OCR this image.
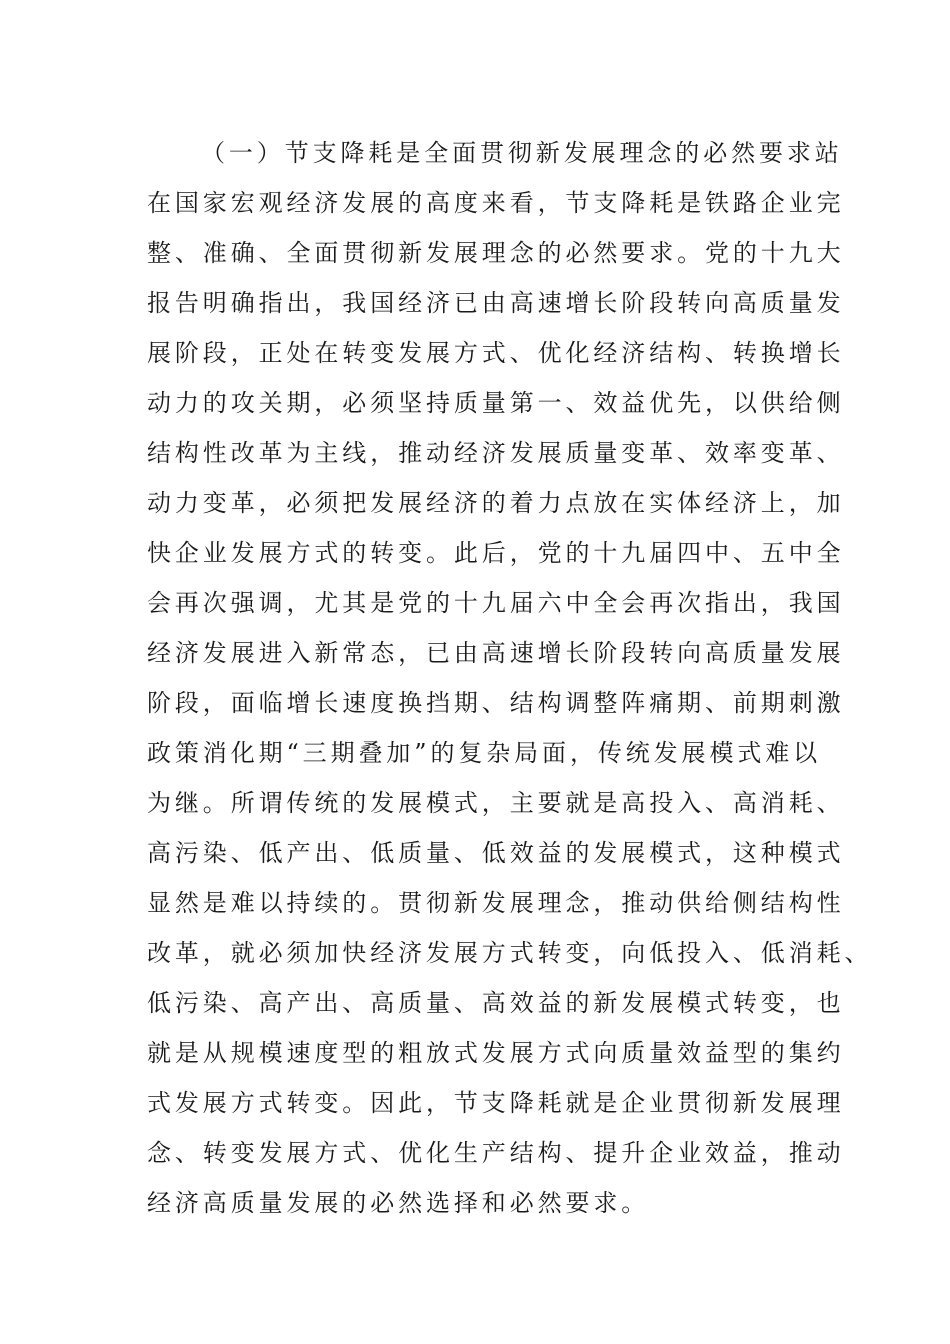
（一）节支降耗是全面贯彻新发展理念的必然要求站
在国家宏观经济发展的高度来看，节支降耗是铁路企业完
整、准确、全面贯彻新发展理念的必然要求。党的十九大
报告明确指出，我国经济已由高速增长阶段转向高质量发
展阶段，正处在转变发展方式、优化经济结构、转换增长
动力的攻关期，必须坚持质量第一、效益优先，以供给侧
结构性改革为主线，推动经济发展质量变革、效率变革、
动力变革，必须把发展经济的着力点放在实体经济上，加
快企业发展方式的转变。此后，党的十九届四中、五中全
会再次强调，尤其是党的十九届六中全会再次指出，我国
经济发展进入新常态，已由高速增长阶段转向高质量发展
阶段，面临增长速度换挡期、结构调整阵痛期、前期刺激
政策消化期“三期叠加”的复杂局面，传统发展模式难以
为继。所谓传统的发展模式，主要就是高投入、高消耗、
高污染、低产出、低质量、低效益的发展模式，这种模式
显然是难以持续的。贯彻新发展理念，推动供给侧结构性
改革，就必须加快经济发展方式转变，向低投入、低消耗、
低污染、高产出、高质量、高效益的新发展模式转变，也
就是从规模速度型的粗放式发展方式向质量效益型的集约
式发展方式转变。因此，节支降耗就是企业贯彻新发展理
念、转变发展方式、优化生产结构、提升企业效益，推动
经济高质量发展的必然选择和必然要求。
